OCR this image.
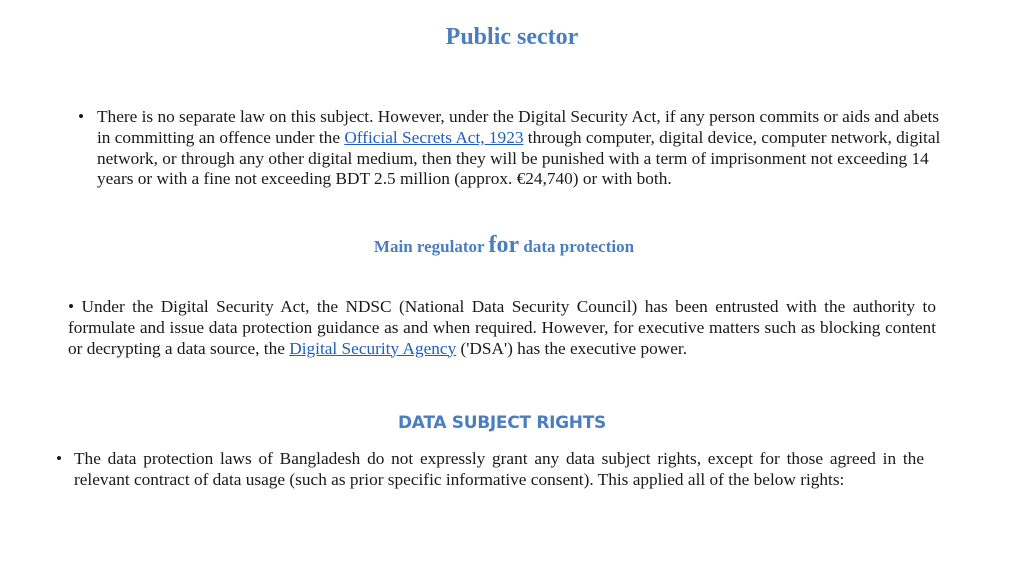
Public sector
• There is no separate law on this subject. However, under the Digital Security Act, if any person commits or aids and abets in committing an offence under the Official Secrets Act, 1923 through computer, digital device, computer network, digital network, or through any other digital medium, then they will be punished with a term of imprisonment not exceeding 14 years or with a fine not exceeding BDT 2.5 million (approx. €24,740) or with both.
Main regulator for data protection
• Under the Digital Security Act, the NDSC (National Data Security Council) has been entrusted with the authority to formulate and issue data protection guidance as and when required. However, for executive matters such as blocking content or decrypting a data source, the Digital Security Agency ('DSA') has the executive power.
DATA SUBJECT RIGHTS
• The data protection laws of Bangladesh do not expressly grant any data subject rights, except for those agreed in the relevant contract of data usage (such as prior specific informative consent). This applied all of the below rights:
